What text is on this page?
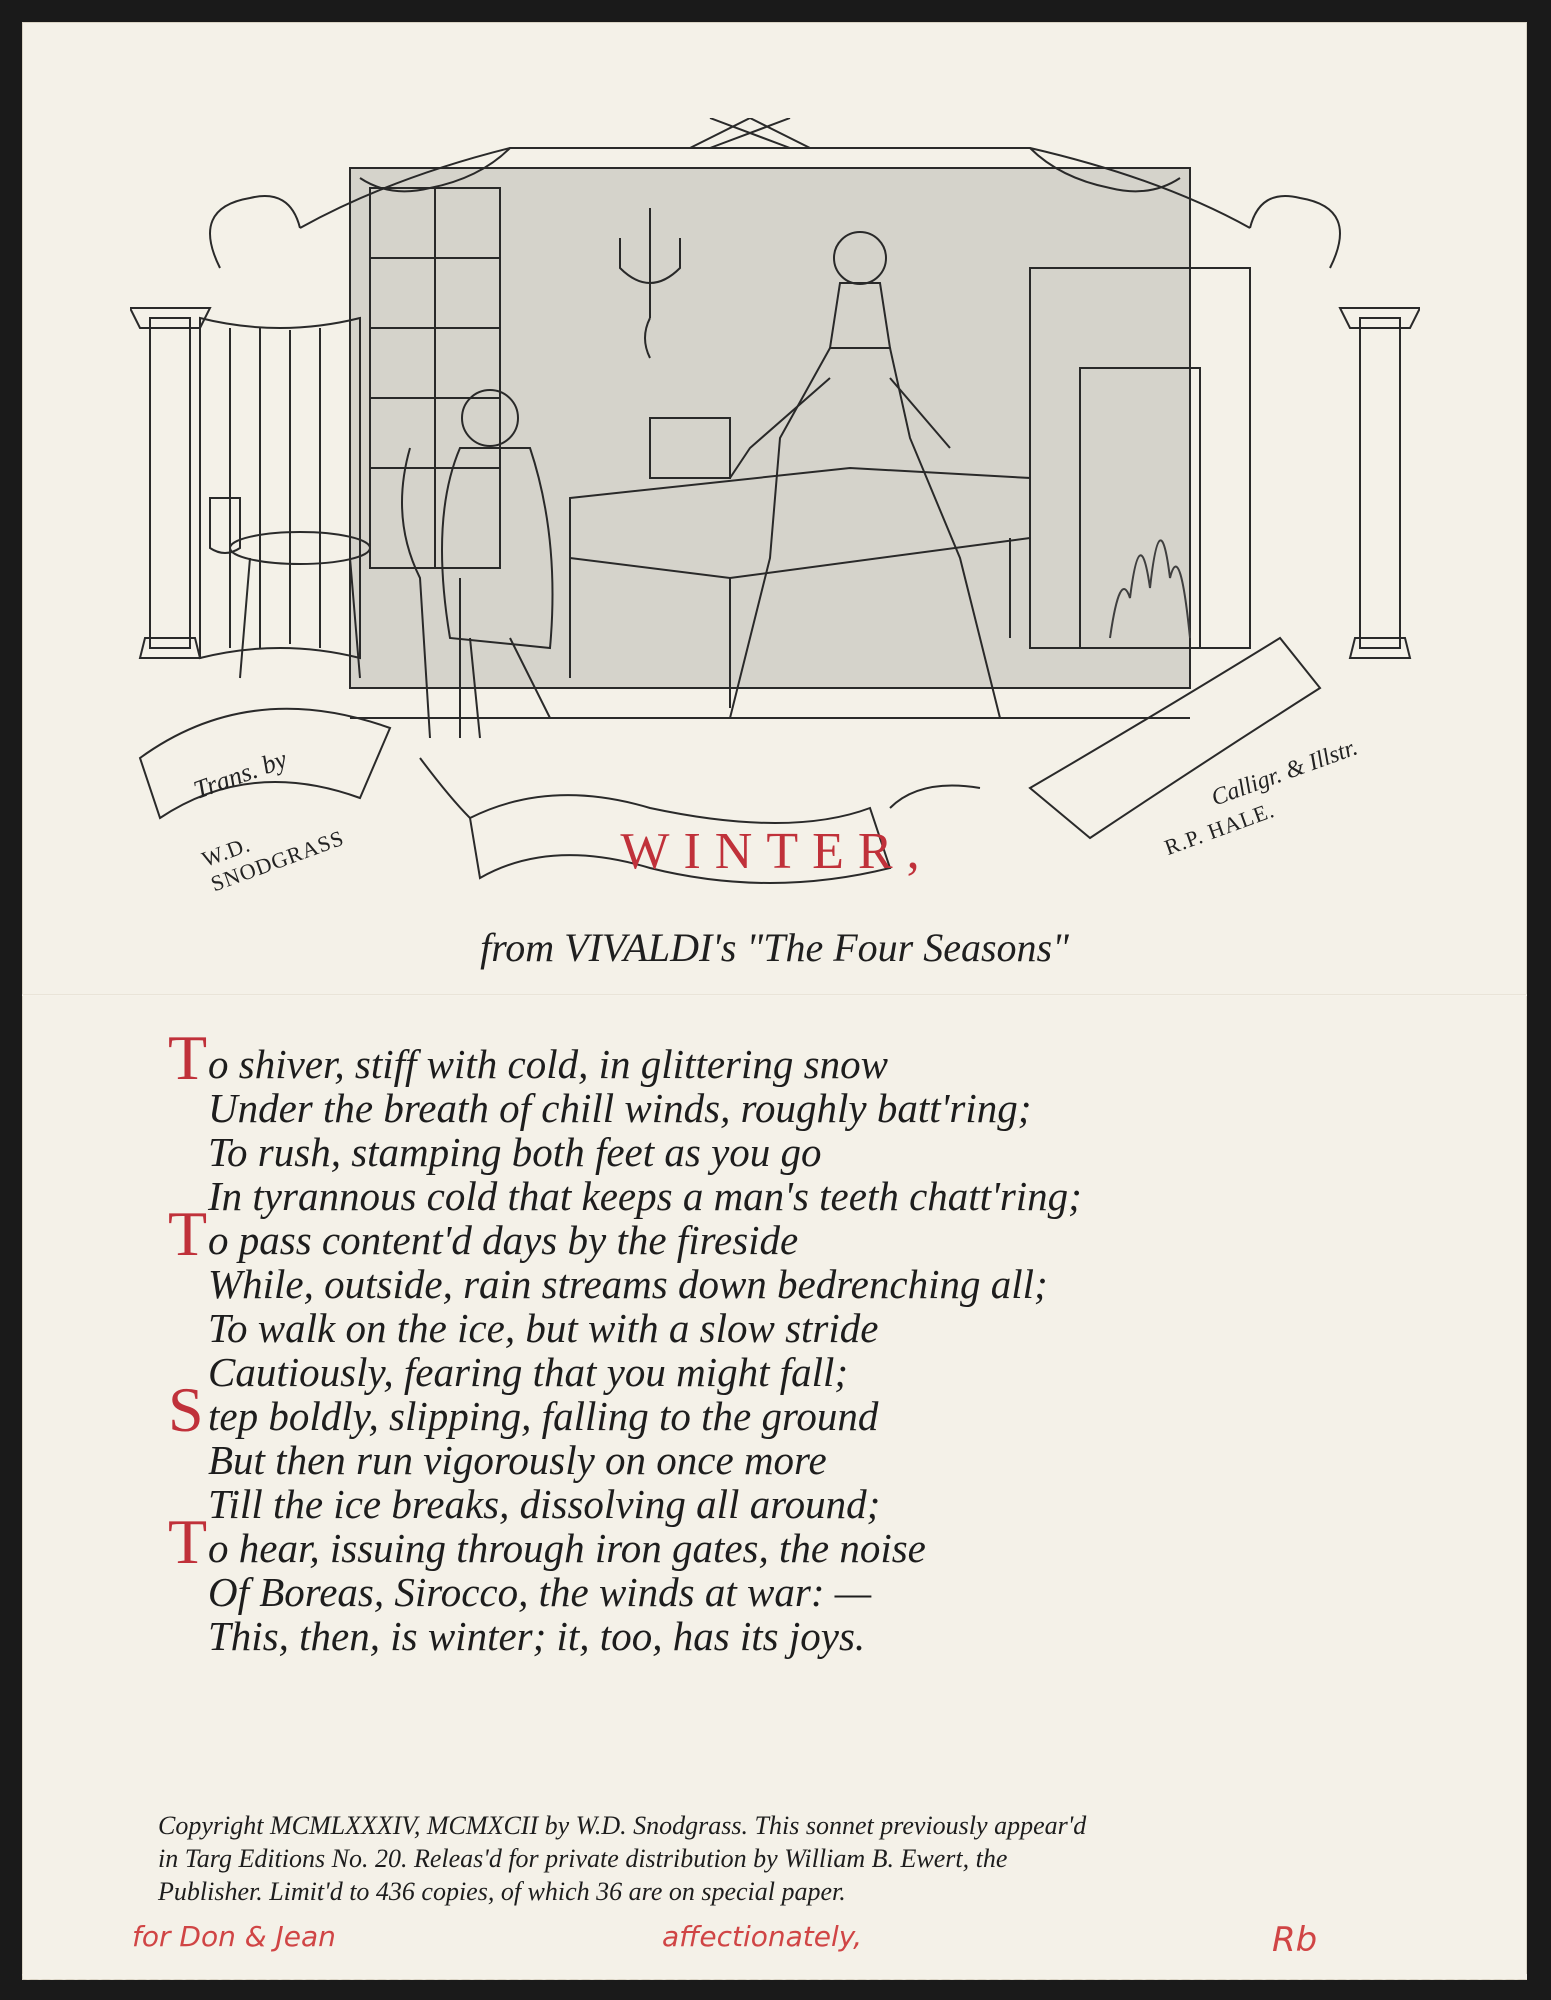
Trans. by
W.D. SNODGRASS	WINTER,
Calligr. & Illstr.
R.P. HALE.
from VIVALDI's "The Four Seasons"
T o shiver, stiff with cold, in glittering snow
Under the breath of chill winds, roughly batt'ring;
To rush, stamping both feet as you go
In tyrannous cold that keeps a man's teeth chatt'ring;
T o pass content'd days by the fireside
While, outside, rain streams down bedrenching all;
To walk on the ice, but with a slow stride
Cautiously, fearing that you might fall;
S tep boldly, slipping, falling to the ground
But then run vigorously on once more
Till the ice breaks, dissolving all around;
T o hear, issuing through iron gates, the noise
Of Boreas, Sirocco, the winds at war: —
This, then, is winter; it, too, has its joys.
Copyright MCMLXXXIV, MCMXCII by W.D. Snodgrass. This sonnet previously appear'd
in Targ Editions No. 20. Releas'd for private distribution by William B. Ewert, the
Publisher. Limit'd to 436 copies, of which 36 are on special paper.
for Don & Jean	affectionately,	Rb
